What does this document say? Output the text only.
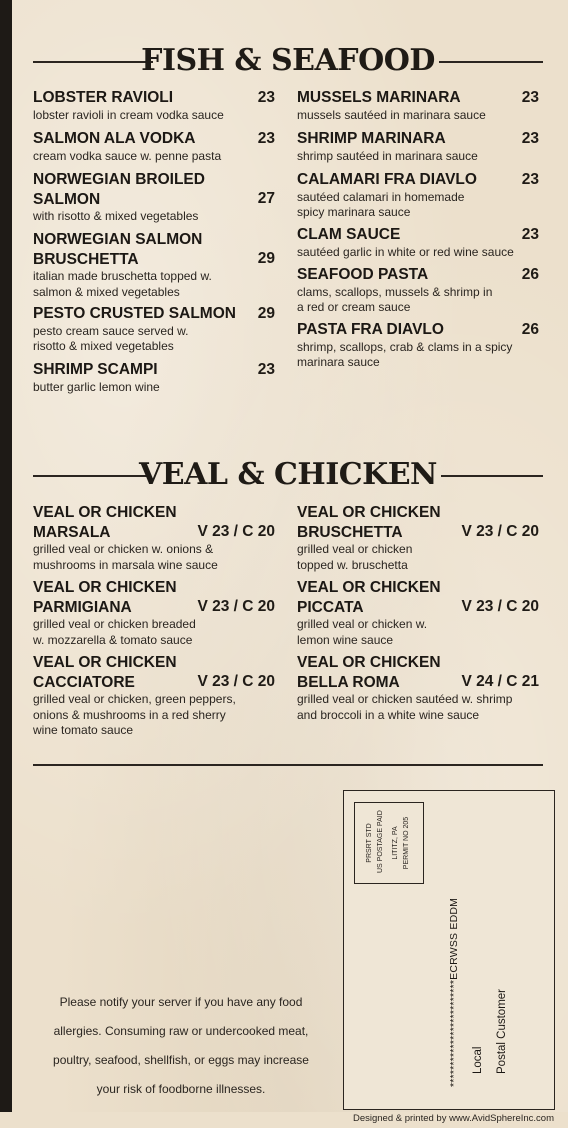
FISH & SEAFOOD
LOBSTER RAVIOLI	23
lobster ravioli in cream vodka sauce
SALMON ALA VODKA	23
cream vodka sauce w. penne pasta
NORWEGIAN BROILED
SALMON	27
with risotto & mixed vegetables
NORWEGIAN SALMON
BRUSCHETTA	29
italian made bruschetta topped w.
salmon & mixed vegetables
PESTO CRUSTED SALMON	29
pesto cream sauce served w.
risotto & mixed vegetables
SHRIMP SCAMPI	23
butter garlic lemon wine
MUSSELS MARINARA	23
mussels sautéed in marinara sauce
SHRIMP MARINARA	23
shrimp sautéed in marinara sauce
CALAMARI FRA DIAVLO	23
sautéed calamari in homemade
spicy marinara sauce
CLAM SAUCE	23
sautéed garlic in white or red wine sauce
SEAFOOD PASTA	26
clams, scallops, mussels & shrimp in
a red or cream sauce
PASTA FRA DIAVLO	26
shrimp, scallops, crab & clams in a spicy
marinara sauce
VEAL & CHICKEN
VEAL OR CHICKEN
MARSALA	V 23 / C 20
grilled veal or chicken w. onions &
mushrooms in marsala wine sauce
VEAL OR CHICKEN
PARMIGIANA	V 23 / C 20
grilled veal or chicken breaded
w. mozzarella & tomato sauce
VEAL OR CHICKEN
CACCIATORE	V 23 / C 20
grilled veal or chicken, green peppers,
onions & mushrooms in a red sherry
wine tomato sauce
VEAL OR CHICKEN
BRUSCHETTA	V 23 / C 20
grilled veal or chicken
topped w. bruschetta
VEAL OR CHICKEN
PICCATA	V 23 / C 20
grilled veal or chicken w.
lemon wine sauce
VEAL OR CHICKEN
BELLA ROMA	V 24 / C 21
grilled veal or chicken sautéed w. shrimp
and broccoli in a white wine sauce
Please notify your server if you have any food
allergies. Consuming raw or undercooked meat,
poultry, seafood, shellfish, or eggs may increase
your risk of foodborne illnesses.
PRSRT STD US POSTAGE PAID LITITZ, PA PERMIT NO 205
*************************ECRWSS EDDM Local Postal Customer
Designed & printed by www.AvidSphereInc.com
